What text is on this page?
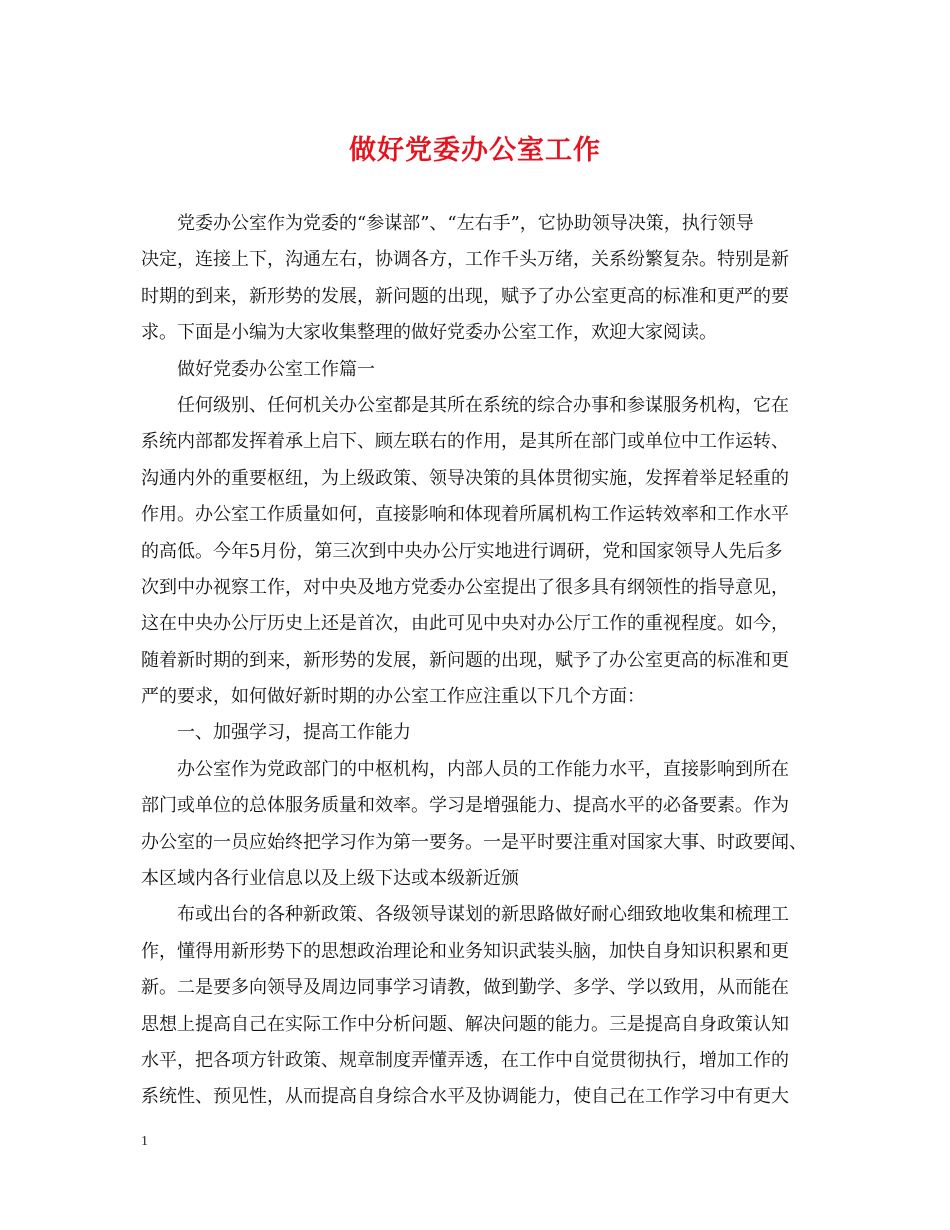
做好党委办公室工作
党委办公室作为党委的“参谋部”、“左右手”，它协助领导决策，执行领导
决定，连接上下，沟通左右，协调各方，工作千头万绪，关系纷繁复杂。特别是新
时期的到来，新形势的发展，新问题的出现，赋予了办公室更高的标准和更严的要
求。下面是小编为大家收集整理的做好党委办公室工作，欢迎大家阅读。
做好党委办公室工作篇一
任何级别、任何机关办公室都是其所在系统的综合办事和参谋服务机构，它在
系统内部都发挥着承上启下、顾左联右的作用，是其所在部门或单位中工作运转、
沟通内外的重要枢纽，为上级政策、领导决策的具体贯彻实施，发挥着举足轻重的
作用。办公室工作质量如何，直接影响和体现着所属机构工作运转效率和工作水平
的高低。今年5月份，第三次到中央办公厅实地进行调研，党和国家领导人先后多
次到中办视察工作，对中央及地方党委办公室提出了很多具有纲领性的指导意见，
这在中央办公厅历史上还是首次，由此可见中央对办公厅工作的重视程度。如今，
随着新时期的到来，新形势的发展，新问题的出现，赋予了办公室更高的标准和更
严的要求，如何做好新时期的办公室工作应注重以下几个方面：
一、加强学习，提高工作能力
办公室作为党政部门的中枢机构，内部人员的工作能力水平，直接影响到所在
部门或单位的总体服务质量和效率。学习是增强能力、提高水平的必备要素。作为
办公室的一员应始终把学习作为第一要务。一是平时要注重对国家大事、时政要闻、
本区域内各行业信息以及上级下达或本级新近颁
布或出台的各种新政策、各级领导谋划的新思路做好耐心细致地收集和梳理工
作，懂得用新形势下的思想政治理论和业务知识武装头脑，加快自身知识积累和更
新。二是要多向领导及周边同事学习请教，做到勤学、多学、学以致用，从而能在
思想上提高自己在实际工作中分析问题、解决问题的能力。三是提高自身政策认知
水平，把各项方针政策、规章制度弄懂弄透，在工作中自觉贯彻执行，增加工作的
系统性、预见性，从而提高自身综合水平及协调能力，使自己在工作学习中有更大
1
